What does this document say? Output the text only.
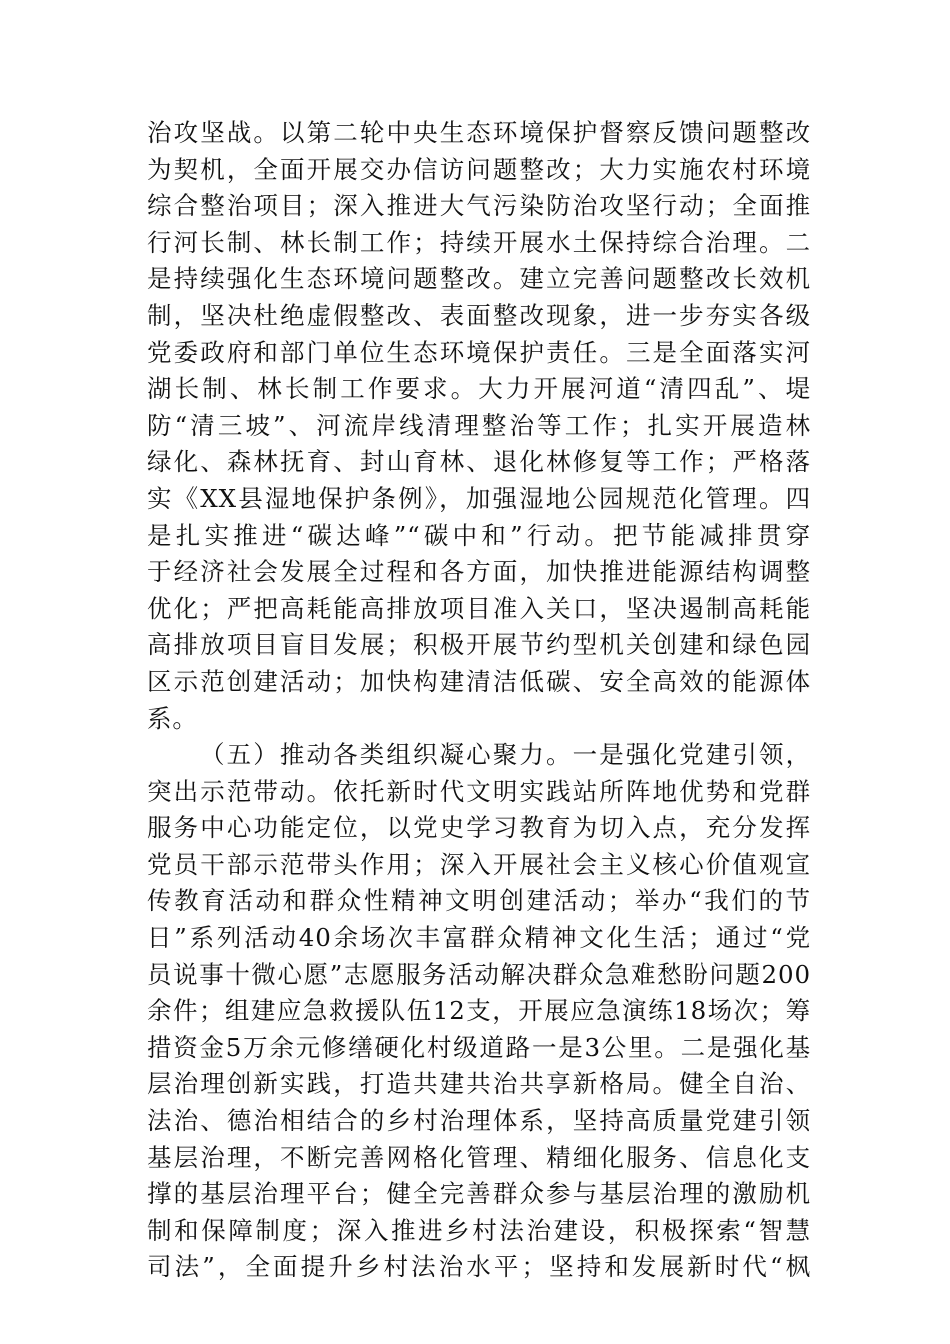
治攻坚战。以第二轮中央生态环境保护督察反馈问题整改
为契机，全面开展交办信访问题整改；大力实施农村环境
综合整治项目；深入推进大气污染防治攻坚行动；全面推
行河长制、林长制工作；持续开展水土保持综合治理。二
是持续强化生态环境问题整改。建立完善问题整改长效机
制，坚决杜绝虚假整改、表面整改现象，进一步夯实各级
党委政府和部门单位生态环境保护责任。三是全面落实河
湖长制、林长制工作要求。大力开展河道“清四乱”、堤
防“清三坡”、河流岸线清理整治等工作；扎实开展造林
绿化、森林抚育、封山育林、退化林修复等工作；严格落
实《XX县湿地保护条例》，加强湿地公园规范化管理。四
是扎实推进“碳达峰”“碳中和”行动。把节能减排贯穿
于经济社会发展全过程和各方面，加快推进能源结构调整
优化；严把高耗能高排放项目准入关口，坚决遏制高耗能
高排放项目盲目发展；积极开展节约型机关创建和绿色园
区示范创建活动；加快构建清洁低碳、安全高效的能源体
系。
（五）推动各类组织凝心聚力。一是强化党建引领，
突出示范带动。依托新时代文明实践站所阵地优势和党群
服务中心功能定位，以党史学习教育为切入点，充分发挥
党员干部示范带头作用；深入开展社会主义核心价值观宣
传教育活动和群众性精神文明创建活动；举办“我们的节
日”系列活动40余场次丰富群众精神文化生活；通过“党
员说事十微心愿”志愿服务活动解决群众急难愁盼问题200
余件；组建应急救援队伍12支，开展应急演练18场次；筹
措资金5万余元修缮硬化村级道路一是3公里。二是强化基
层治理创新实践，打造共建共治共享新格局。健全自治、
法治、德治相结合的乡村治理体系，坚持高质量党建引领
基层治理，不断完善网格化管理、精细化服务、信息化支
撑的基层治理平台；健全完善群众参与基层治理的激励机
制和保障制度；深入推进乡村法治建设，积极探索“智慧
司法”，全面提升乡村法治水平；坚持和发展新时代“枫
